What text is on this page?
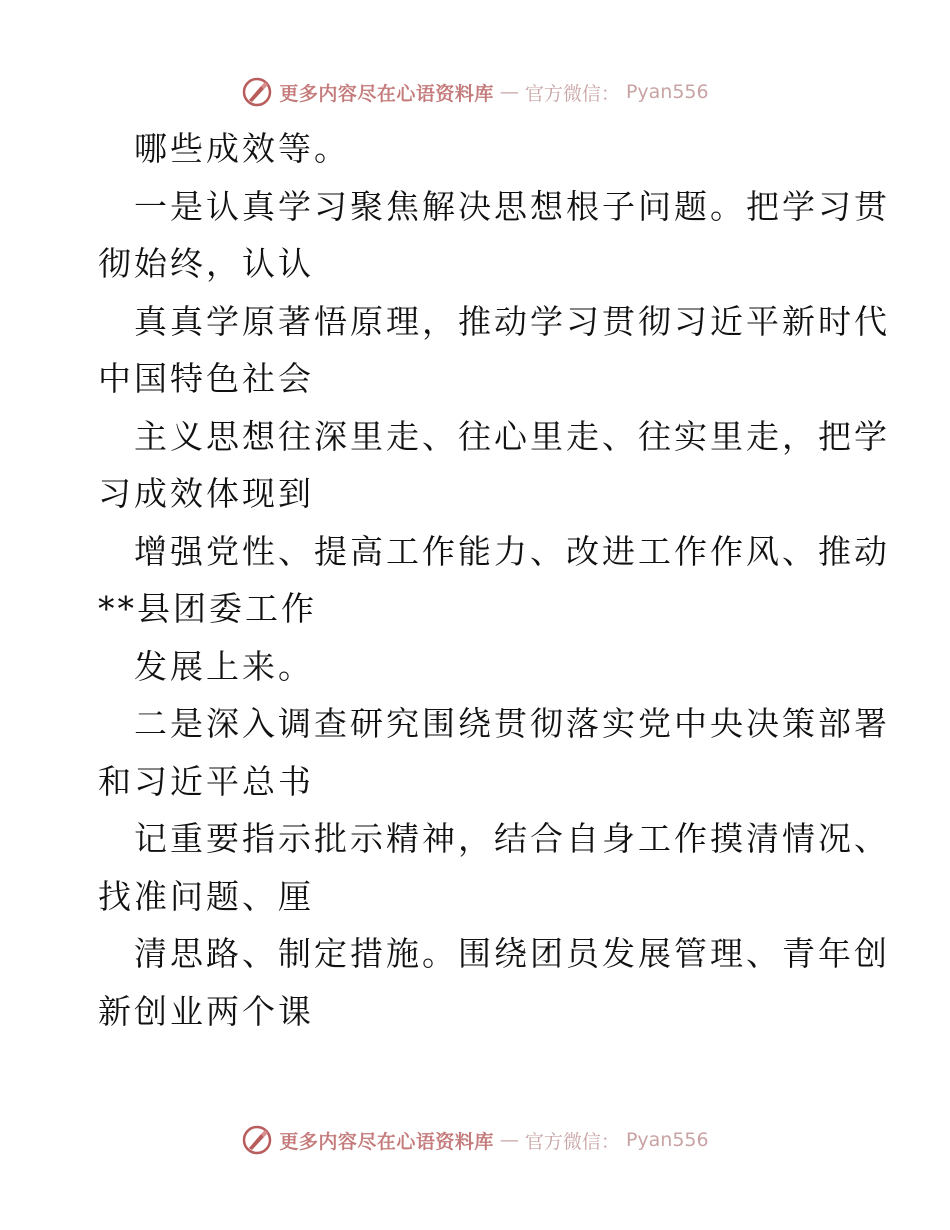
更多内容尽在心语资料库 — 官方微信： Pyan556
哪些成效等。
一是认真学习聚焦解决思想根子问题。把学习贯
彻始终，认认
真真学原著悟原理，推动学习贯彻习近平新时代
中国特色社会
主义思想往深里走、往心里走、往实里走，把学
习成效体现到
增强党性、提高工作能力、改进工作作风、推动
**县团委工作
发展上来。
二是深入调查研究围绕贯彻落实党中央决策部署
和习近平总书
记重要指示批示精神，结合自身工作摸清情况、
找准问题、厘
清思路、制定措施。围绕团员发展管理、青年创
新创业两个课
更多内容尽在心语资料库 — 官方微信： Pyan556
